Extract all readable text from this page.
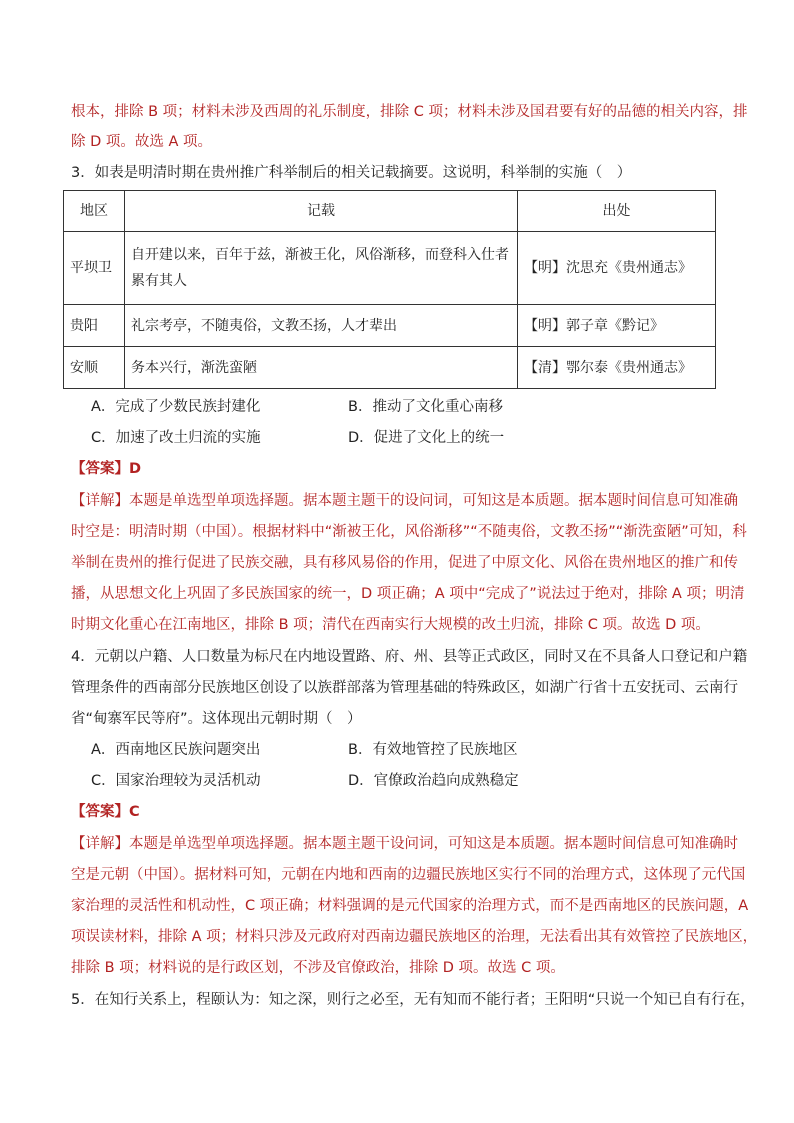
根本，排除 B 项；材料未涉及西周的礼乐制度，排除 C 项；材料未涉及国君要有好的品德的相关内容，排
除 D 项。故选 A 项。
3．如表是明清时期在贵州推广科举制后的相关记载摘要。这说明，科举制的实施（　）
地区	记载	出处
平坝卫	自开建以来，百年于兹，渐被王化，风俗渐移，而登科入仕者
累有其人	【明】沈思充《贵州通志》
贵阳	礼宗考亭，不随夷俗，文教丕扬，人才辈出	【明】郭子章《黔记》
安顺	务本兴行，渐洗蛮陋	【清】鄂尔泰《贵州通志》
A．完成了少数民族封建化	B．推动了文化重心南移
C．加速了改土归流的实施	D．促进了文化上的统一
【答案】D
【详解】本题是单选型单项选择题。据本题主题干的设问词，可知这是本质题。据本题时间信息可知准确
时空是：明清时期（中国）。根据材料中“渐被王化，风俗渐移”“不随夷俗，文教丕扬”“渐洗蛮陋”可知，科
举制在贵州的推行促进了民族交融，具有移风易俗的作用，促进了中原文化、风俗在贵州地区的推广和传
播，从思想文化上巩固了多民族国家的统一，D 项正确；A 项中“完成了”说法过于绝对，排除 A 项；明清
时期文化重心在江南地区，排除 B 项；清代在西南实行大规模的改土归流，排除 C 项。故选 D 项。
4．元朝以户籍、人口数量为标尺在内地设置路、府、州、县等正式政区，同时又在不具备人口登记和户籍
管理条件的西南部分民族地区创设了以族群部落为管理基础的特殊政区，如湖广行省十五安抚司、云南行
省“甸寨军民等府”。这体现出元朝时期（　）
A．西南地区民族问题突出	B．有效地管控了民族地区
C．国家治理较为灵活机动	D．官僚政治趋向成熟稳定
【答案】C
【详解】本题是单选型单项选择题。据本题主题干设问词，可知这是本质题。据本题时间信息可知准确时
空是元朝（中国）。据材料可知，元朝在内地和西南的边疆民族地区实行不同的治理方式，这体现了元代国
家治理的灵活性和机动性，C 项正确；材料强调的是元代国家的治理方式，而不是西南地区的民族问题，A
项误读材料，排除 A 项；材料只涉及元政府对西南边疆民族地区的治理，无法看出其有效管控了民族地区，
排除 B 项；材料说的是行政区划，不涉及官僚政治，排除 D 项。故选 C 项。
5．在知行关系上，程颐认为：知之深，则行之必至，无有知而不能行者；王阳明“只说一个知已自有行在，
